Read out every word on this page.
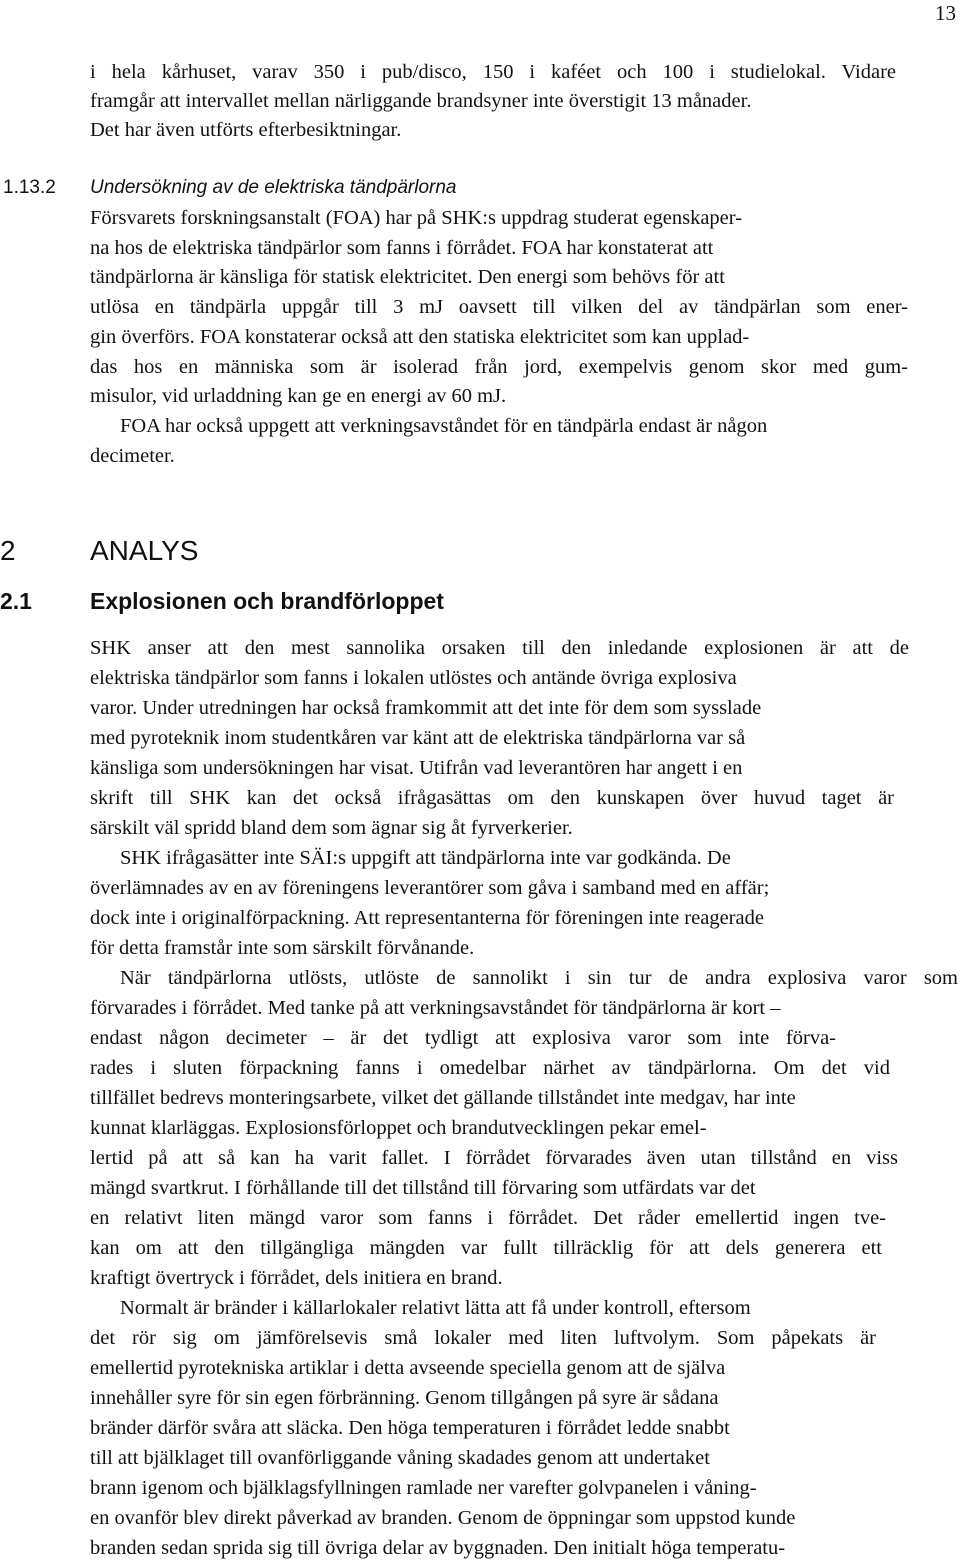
13
i hela kårhuset, varav 350 i pub/disco, 150 i kaféet och 100 i studielokal. Vidare
framgår att intervallet mellan närliggande brandsyner inte överstigit 13 månader.
Det har även utförts efterbesiktningar.
1.13.2 Undersökning av de elektriska tändpärlorna
Försvarets forskningsanstalt (FOA) har på SHK:s uppdrag studerat egenskaper-
na hos de elektriska tändpärlor som fanns i förrådet. FOA har konstaterat att
tändpärlorna är känsliga för statisk elektricitet. Den energi som behövs för att
utlösa en tändpärla uppgår till 3 mJ oavsett till vilken del av tändpärlan som ener-
gin överförs. FOA konstaterar också att den statiska elektricitet som kan upplad-
das hos en människa som är isolerad från jord, exempelvis genom skor med gum-
misulor, vid urladdning kan ge en energi av 60 mJ.
FOA har också uppgett att verkningsavståndet för en tändpärla endast är någon
decimeter.
2	ANALYS
2.1	Explosionen och brandförloppet
SHK anser att den mest sannolika orsaken till den inledande explosionen är att de
elektriska tändpärlor som fanns i lokalen utlöstes och antände övriga explosiva
varor. Under utredningen har också framkommit att det inte för dem som sysslade
med pyroteknik inom studentkåren var känt att de elektriska tändpärlorna var så
känsliga som undersökningen har visat. Utifrån vad leverantören har angett i en
skrift till SHK kan det också ifrågasättas om den kunskapen över huvud taget är
särskilt väl spridd bland dem som ägnar sig åt fyrverkerier.
SHK ifrågasätter inte SÄI:s uppgift att tändpärlorna inte var godkända. De
överlämnades av en av föreningens leverantörer som gåva i samband med en affär;
dock inte i originalförpackning. Att representanterna för föreningen inte reagerade
för detta framstår inte som särskilt förvånande.
När tändpärlorna utlösts, utlöste de sannolikt i sin tur de andra explosiva varor som
förvarades i förrådet. Med tanke på att verkningsavståndet för tändpärlorna är kort –
endast någon decimeter – är det tydligt att explosiva varor som inte förva-
rades i sluten förpackning fanns i omedelbar närhet av tändpärlorna. Om det vid
tillfället bedrevs monteringsarbete, vilket det gällande tillståndet inte medgav, har inte
kunnat klarläggas. Explosionsförloppet och brandutvecklingen pekar emel-
lertid på att så kan ha varit fallet. I förrådet förvarades även utan tillstånd en viss
mängd svartkrut. I förhållande till det tillstånd till förvaring som utfärdats var det
en relativt liten mängd varor som fanns i förrådet. Det råder emellertid ingen tve-
kan om att den tillgängliga mängden var fullt tillräcklig för att dels generera ett
kraftigt övertryck i förrådet, dels initiera en brand.
Normalt är bränder i källarlokaler relativt lätta att få under kontroll, eftersom
det rör sig om jämförelsevis små lokaler med liten luftvolym. Som påpekats är
emellertid pyrotekniska artiklar i detta avseende speciella genom att de själva
innehåller syre för sin egen förbränning. Genom tillgången på syre är sådana
bränder därför svåra att släcka. Den höga temperaturen i förrådet ledde snabbt
till att bjälklaget till ovanförliggande våning skadades genom att undertaket
brann igenom och bjälklagsfyllningen ramlade ner varefter golvpanelen i våning-
en ovanför blev direkt påverkad av branden. Genom de öppningar som uppstod kunde
branden sedan sprida sig till övriga delar av byggnaden. Den initialt höga temperatu-
